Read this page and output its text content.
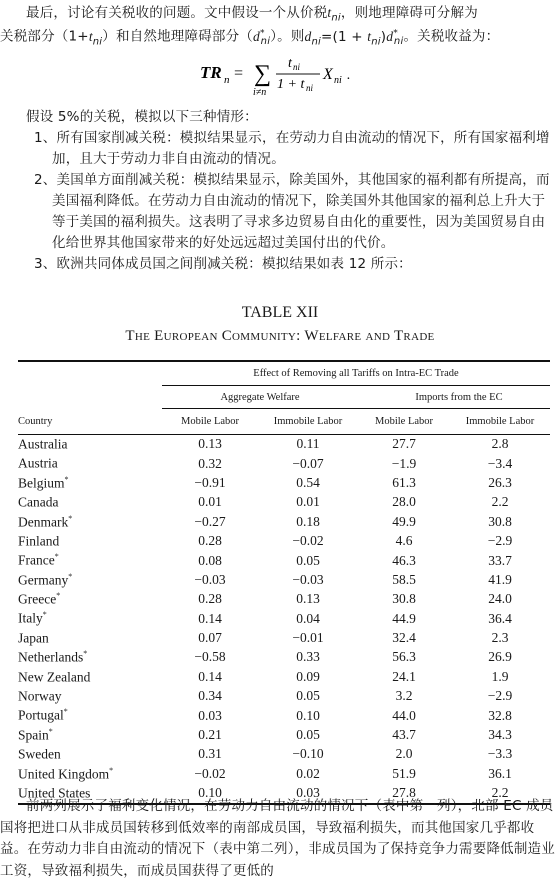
最后，讨论有关税收的问题。文中假设一个从价税$t_{ni}$，则地理障碍可分解为
关税部分$(1+t_{ni})$和自然地理障碍部分$(d^*_{ni})$。则$d_{ni}=(1 + t_{ni})d^*_{ni}$。关税收益为：
TR n = ∑
i≠n
t ni
1 + t ni
X ni .
假设 5%的关税，模拟以下三种情形：
1、所有国家削减关税：模拟结果显示，在劳动力自由流动的情况下，所有国家福利增加，且大于劳动力非自由流动的情况。
2、美国单方面削减关税：模拟结果显示，除美国外，其他国家的福利都有所提高，而美国福利降低。在劳动力自由流动的情况下，除美国外其他国家的福利总上升大于等于美国的福利损失。这表明了寻求多边贸易自由化的重要性，因为美国贸易自由化给世界其他国家带来的好处远远超过美国付出的代价。
3、欧洲共同体成员国之间削减关税：模拟结果如表 12 所示：
TABLE XII
The European Community: Welfare and Trade
	Effect of Removing all Tariffs on Intra-EC Trade			
	Aggregate Welfare		Imports from the EC	
Country	Mobile Labor	Immobile Labor	Mobile Labor	Immobile Labor
Australia	0.13	0.11	27.7	2.8
Austria	0.32	−0.07	−1.9	−3.4
Belgium*	−0.91	0.54	61.3	26.3
Canada	0.01	0.01	28.0	2.2
Denmark*	−0.27	0.18	49.9	30.8
Finland	0.28	−0.02	4.6	−2.9
France*	0.08	0.05	46.3	33.7
Germany*	−0.03	−0.03	58.5	41.9
Greece*	0.28	0.13	30.8	24.0
Italy*	0.14	0.04	44.9	36.4
Japan	0.07	−0.01	32.4	2.3
Netherlands*	−0.58	0.33	56.3	26.9
New Zealand	0.14	0.09	24.1	1.9
Norway	0.34	0.05	3.2	−2.9
Portugal*	0.03	0.10	44.0	32.8
Spain*	0.21	0.05	43.7	34.3
Sweden	0.31	−0.10	2.0	−3.3
United Kingdom*	−0.02	0.02	51.9	36.1
United States	0.10	0.03	27.8	2.2
前两列展示了福利变化情况，在劳动力自由流动的情况下（表中第一列），北部 EC 成员国将把进口从非成员国转移到低效率的南部成员国，导致福利损失，而其他国家几乎都收益。在劳动力非自由流动的情况下（表中第二列），非成员国为了保持竞争力需要降低制造业工资，导致福利损失，而成员国获得了更低的
